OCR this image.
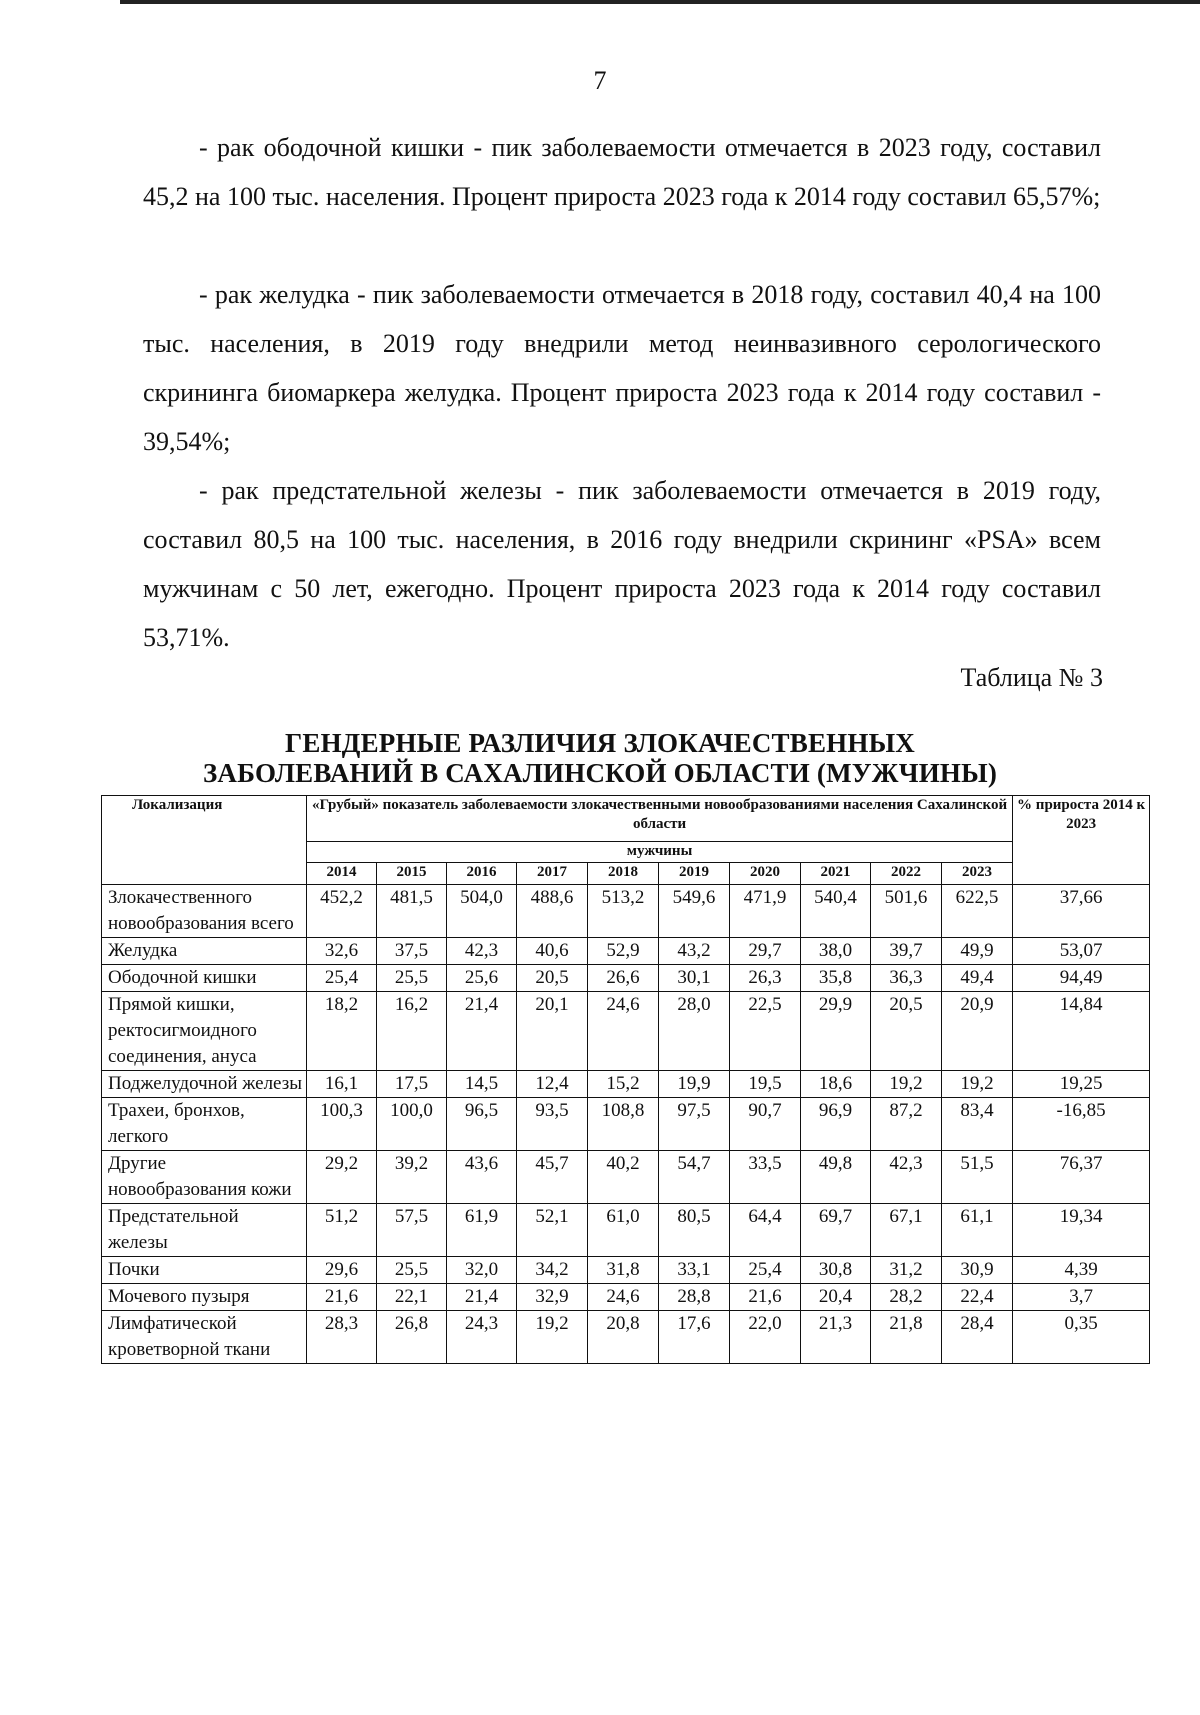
7

- рак ободочной кишки - пик заболеваемости отмечается в 2023 году, составил 45,2 на 100 тыс. населения. Процент прироста 2023 года к 2014 году составил 65,57%;

- рак желудка - пик заболеваемости отмечается в 2018 году, составил 40,4 на 100 тыс. населения, в 2019 году внедрили метод неинвазивного серологического скрининга биомаркера желудка. Процент прироста 2023 года к 2014 году составил - 39,54%;

- рак предстательной железы - пик заболеваемости отмечается в 2019 году, составил 80,5 на 100 тыс. населения, в 2016 году внедрили скрининг «PSA» всем мужчинам с 50 лет, ежегодно. Процент прироста 2023 года к 2014 году составил 53,71%.

Таблица № 3
ГЕНДЕРНЫЕ РАЗЛИЧИЯ ЗЛОКАЧЕСТВЕННЫХ
ЗАБОЛЕВАНИЙ В САХАЛИНСКОЙ ОБЛАСТИ (МУЖЧИНЫ)
Локализация	«Грубый» показатель заболеваемости злокачественными новообразованиями населения Сахалинской области										% прироста 2014 к 2023
	мужчины										
	2014	2015	2016	2017	2018	2019	2020	2021	2022	2023	
Злокачественного новообразования всего	452,2	481,5	504,0	488,6	513,2	549,6	471,9	540,4	501,6	622,5	37,66
Желудка	32,6	37,5	42,3	40,6	52,9	43,2	29,7	38,0	39,7	49,9	53,07
Ободочной кишки	25,4	25,5	25,6	20,5	26,6	30,1	26,3	35,8	36,3	49,4	94,49
Прямой кишки, ректосигмоидного соединения, ануса	18,2	16,2	21,4	20,1	24,6	28,0	22,5	29,9	20,5	20,9	14,84
Поджелудочной железы	16,1	17,5	14,5	12,4	15,2	19,9	19,5	18,6	19,2	19,2	19,25
Трахеи, бронхов, легкого	100,3	100,0	96,5	93,5	108,8	97,5	90,7	96,9	87,2	83,4	-16,85
Другие новообразования кожи	29,2	39,2	43,6	45,7	40,2	54,7	33,5	49,8	42,3	51,5	76,37
Предстательной железы	51,2	57,5	61,9	52,1	61,0	80,5	64,4	69,7	67,1	61,1	19,34
Почки	29,6	25,5	32,0	34,2	31,8	33,1	25,4	30,8	31,2	30,9	4,39
Мочевого пузыря	21,6	22,1	21,4	32,9	24,6	28,8	21,6	20,4	28,2	22,4	3,7
Лимфатической кроветворной ткани	28,3	26,8	24,3	19,2	20,8	17,6	22,0	21,3	21,8	28,4	0,35
